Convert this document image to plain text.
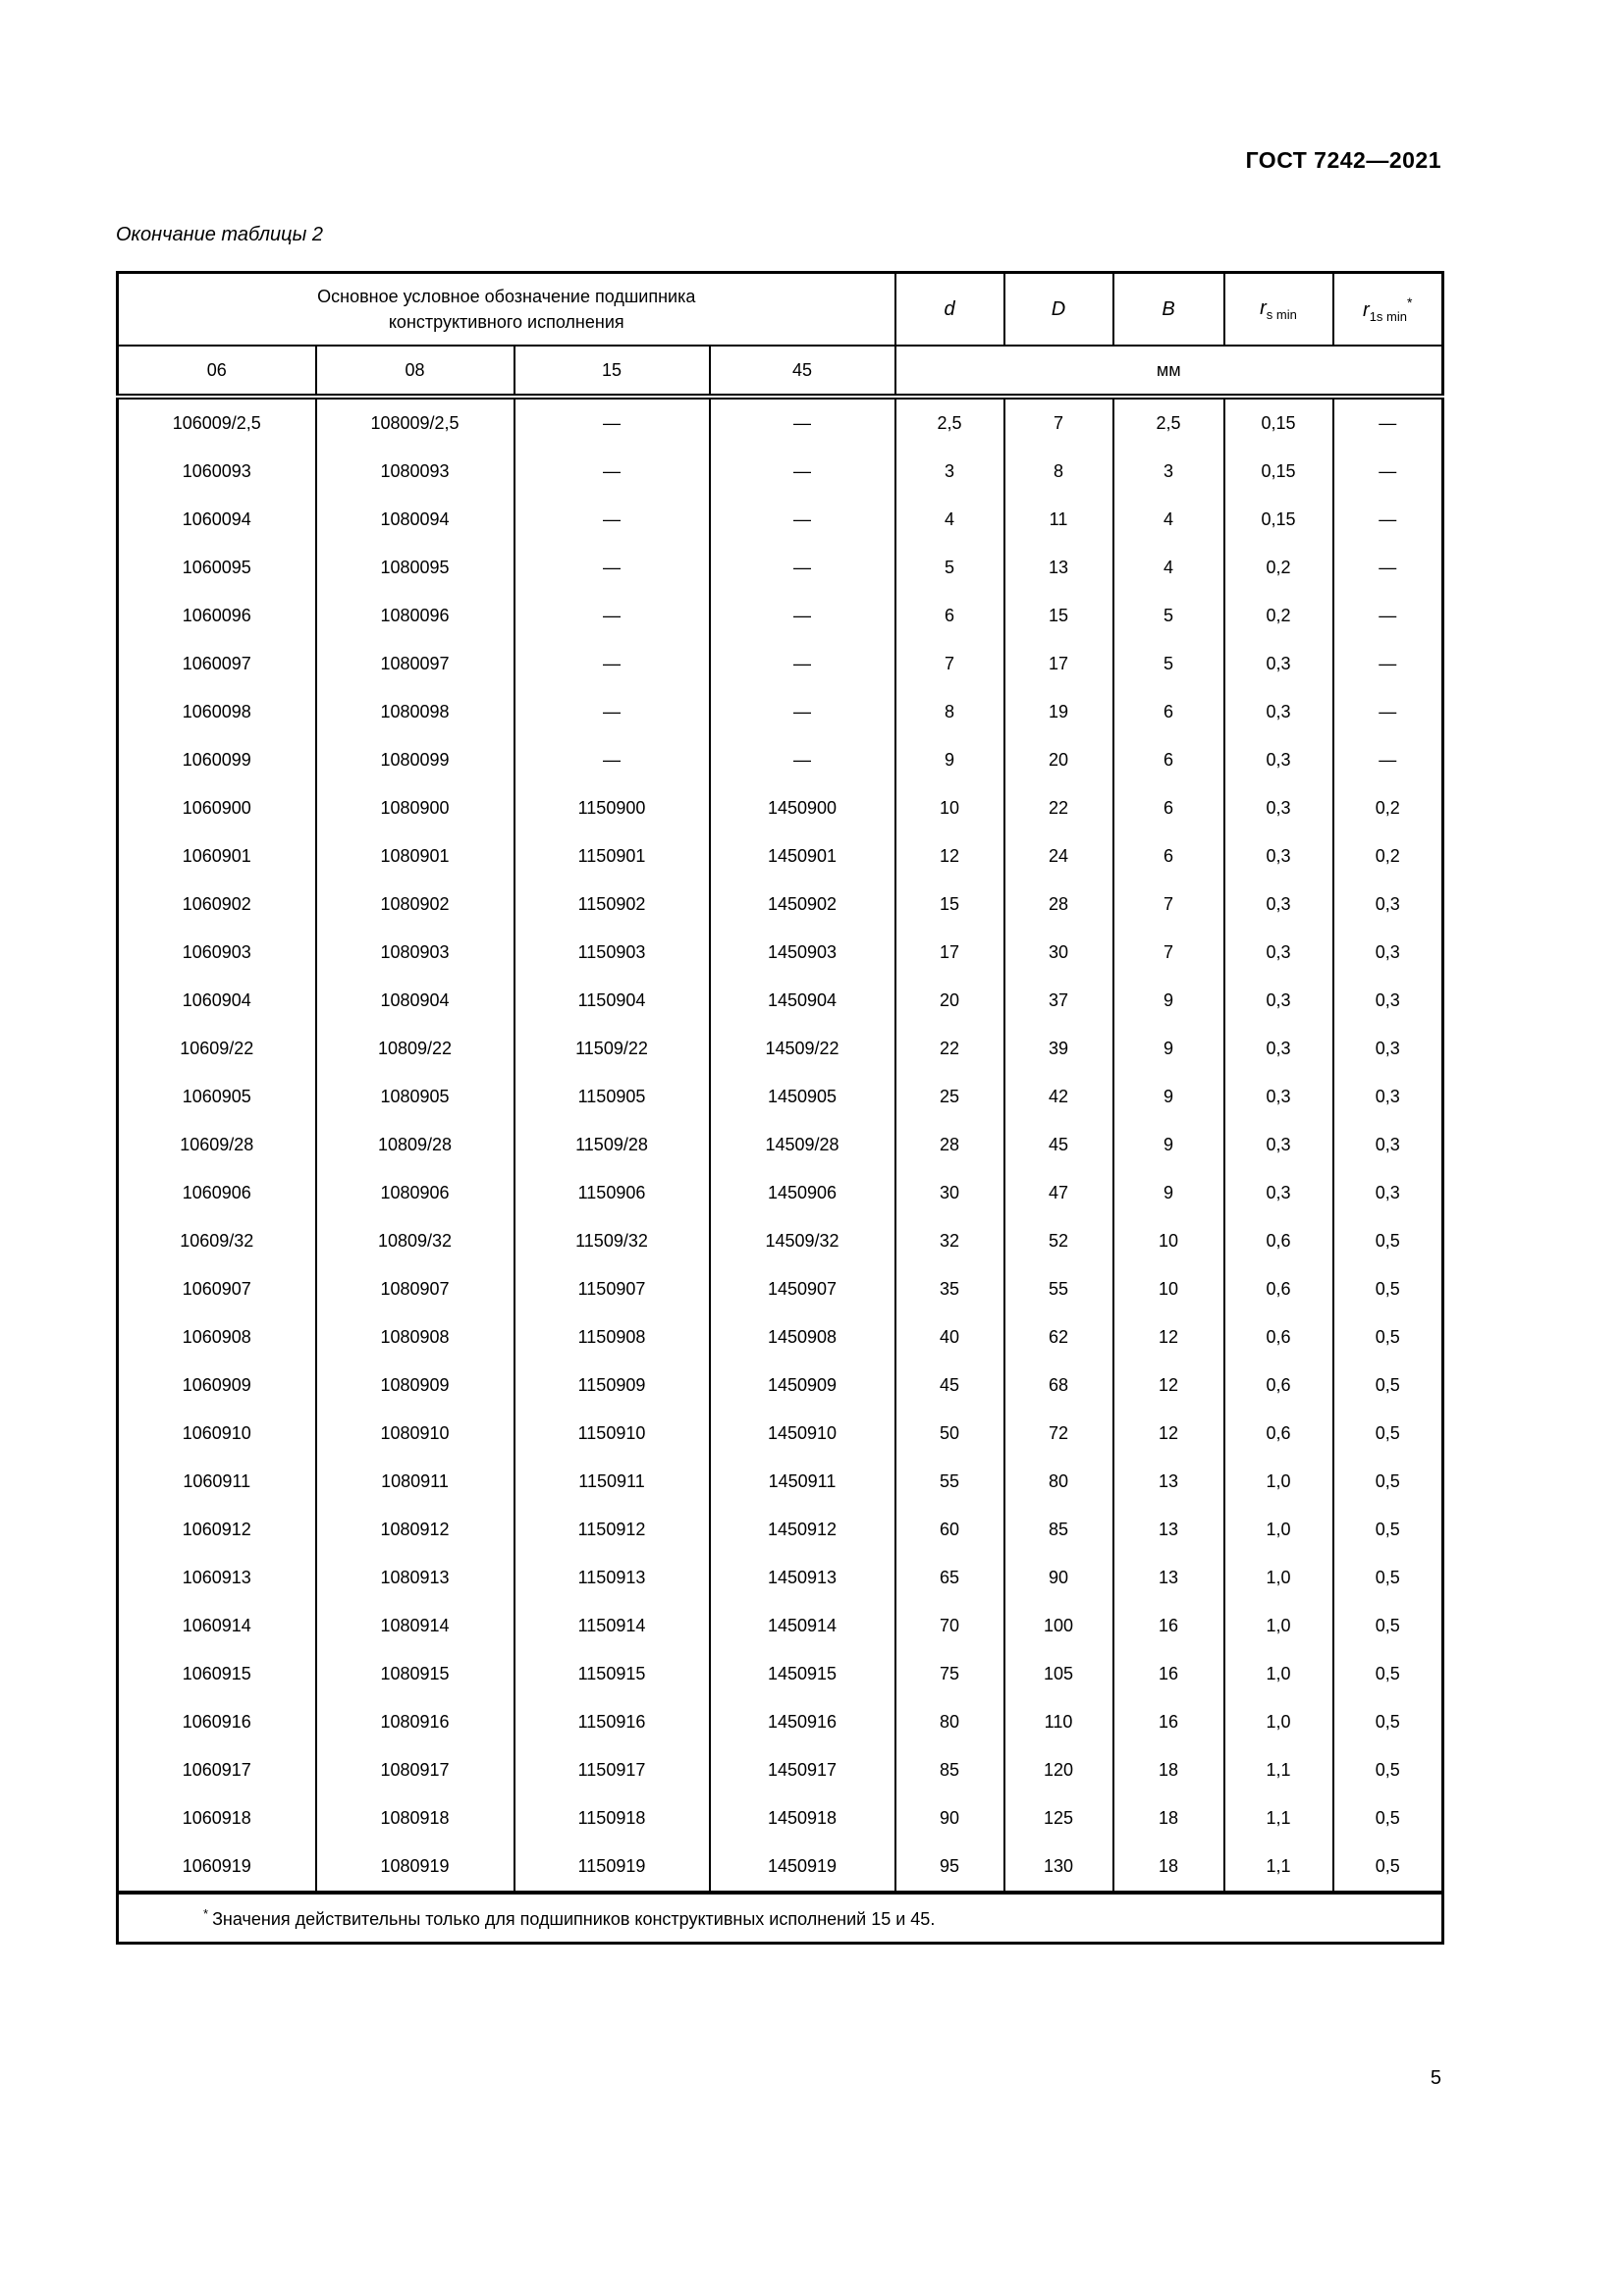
ГОСТ 7242—2021
Окончание таблицы 2
Основное условное обозначение подшипника конструктивного исполнения				d	D	B	$r_{s min}$	$r_{1s min}^*$
06	08	15	45	мм				
106009/2,5	108009/2,5	—	—	2,5	7	2,5	0,15	—
1060093	1080093	—	—	3	8	3	0,15	—
1060094	1080094	—	—	4	11	4	0,15	—
1060095	1080095	—	—	5	13	4	0,2	—
1060096	1080096	—	—	6	15	5	0,2	—
1060097	1080097	—	—	7	17	5	0,3	—
1060098	1080098	—	—	8	19	6	0,3	—
1060099	1080099	—	—	9	20	6	0,3	—
1060900	1080900	1150900	1450900	10	22	6	0,3	0,2
1060901	1080901	1150901	1450901	12	24	6	0,3	0,2
1060902	1080902	1150902	1450902	15	28	7	0,3	0,3
1060903	1080903	1150903	1450903	17	30	7	0,3	0,3
1060904	1080904	1150904	1450904	20	37	9	0,3	0,3
10609/22	10809/22	11509/22	14509/22	22	39	9	0,3	0,3
1060905	1080905	1150905	1450905	25	42	9	0,3	0,3
10609/28	10809/28	11509/28	14509/28	28	45	9	0,3	0,3
1060906	1080906	1150906	1450906	30	47	9	0,3	0,3
10609/32	10809/32	11509/32	14509/32	32	52	10	0,6	0,5
1060907	1080907	1150907	1450907	35	55	10	0,6	0,5
1060908	1080908	1150908	1450908	40	62	12	0,6	0,5
1060909	1080909	1150909	1450909	45	68	12	0,6	0,5
1060910	1080910	1150910	1450910	50	72	12	0,6	0,5
1060911	1080911	1150911	1450911	55	80	13	1,0	0,5
1060912	1080912	1150912	1450912	60	85	13	1,0	0,5
1060913	1080913	1150913	1450913	65	90	13	1,0	0,5
1060914	1080914	1150914	1450914	70	100	16	1,0	0,5
1060915	1080915	1150915	1450915	75	105	16	1,0	0,5
1060916	1080916	1150916	1450916	80	110	16	1,0	0,5
1060917	1080917	1150917	1450917	85	120	18	1,1	0,5
1060918	1080918	1150918	1450918	90	125	18	1,1	0,5
1060919	1080919	1150919	1450919	95	130	18	1,1	0,5
* Значения действительны только для подшипников конструктивных исполнений 15 и 45.								
5
